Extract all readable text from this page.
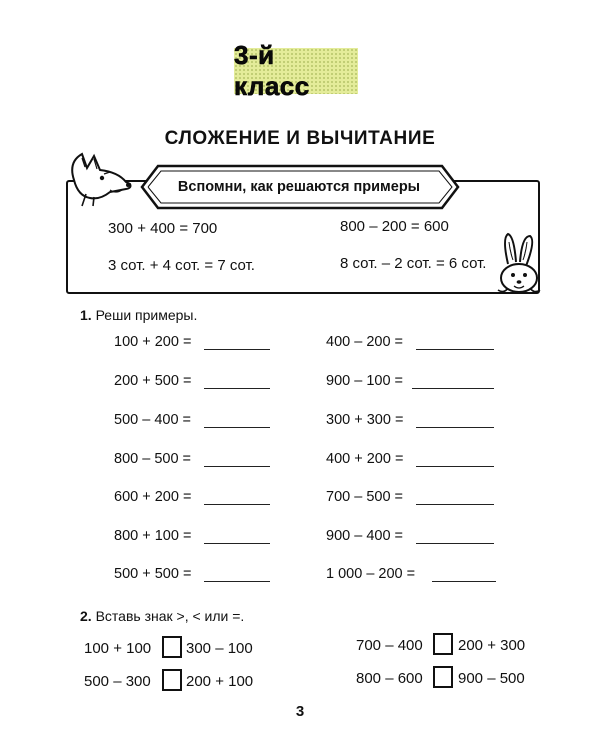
3-й класс
СЛОЖЕНИЕ И ВЫЧИТАНИЕ
Вспомни, как решаются примеры
300 + 400 = 700	800 – 200 = 600
3 сот. + 4 сот. = 7 сот.	8 сот. – 2 сот. = 6 сот.
1. Реши примеры.
100 + 200 =
200 + 500 =
500 – 400 =
800 – 500 =
600 + 200 =
800 + 100 =
500 + 500 =
400 – 200 =
900 – 100 =
300 + 300 =
400 + 200 =
700 – 500 =
900 – 400 =
1 000 – 200 =
2. Вставь знак >, < или =.
100 + 100 300 – 100
500 – 300 200 + 100
700 – 400 200 + 300
800 – 600 900 – 500
3
